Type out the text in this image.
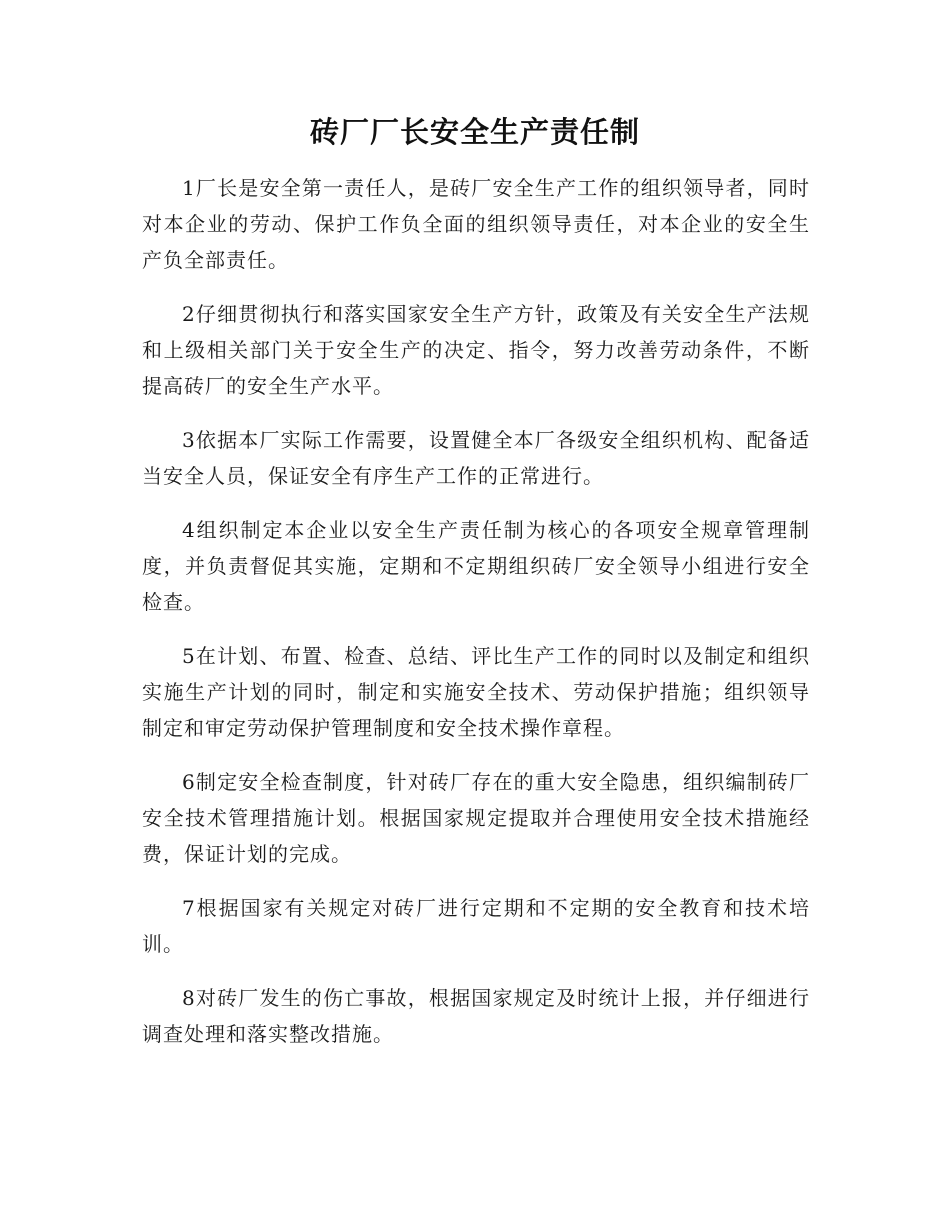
砖厂厂长安全生产责任制

1厂长是安全第一责任人，是砖厂安全生产工作的组织领导者，同时对本企业的劳动、保护工作负全面的组织领导责任，对本企业的安全生产负全部责任。

2仔细贯彻执行和落实国家安全生产方针，政策及有关安全生产法规和上级相关部门关于安全生产的决定、指令，努力改善劳动条件，不断提高砖厂的安全生产水平。

3依据本厂实际工作需要，设置健全本厂各级安全组织机构、配备适当安全人员，保证安全有序生产工作的正常进行。

4组织制定本企业以安全生产责任制为核心的各项安全规章管理制度，并负责督促其实施，定期和不定期组织砖厂安全领导小组进行安全检查。

5在计划、布置、检查、总结、评比生产工作的同时以及制定和组织实施生产计划的同时，制定和实施安全技术、劳动保护措施；组织领导制定和审定劳动保护管理制度和安全技术操作章程。

6制定安全检查制度，针对砖厂存在的重大安全隐患，组织编制砖厂安全技术管理措施计划。根据国家规定提取并合理使用安全技术措施经费，保证计划的完成。

7根据国家有关规定对砖厂进行定期和不定期的安全教育和技术培训。

8对砖厂发生的伤亡事故，根据国家规定及时统计上报，并仔细进行调查处理和落实整改措施。
